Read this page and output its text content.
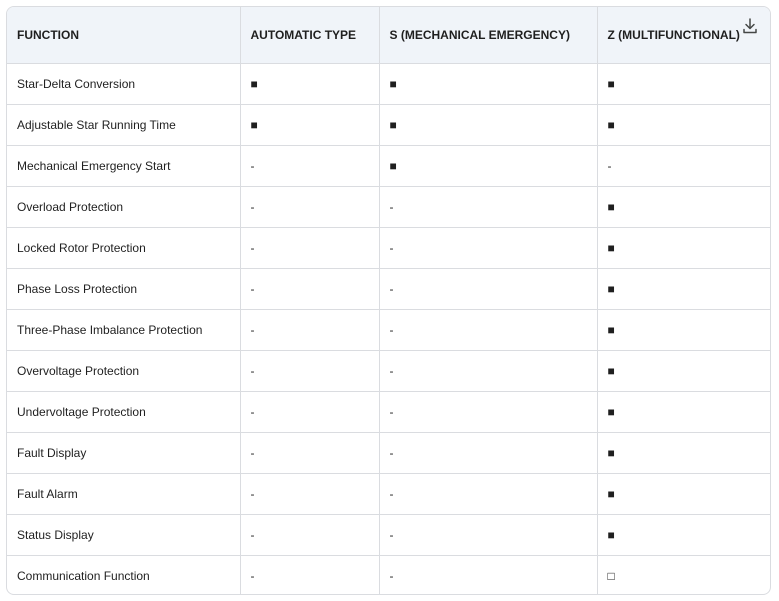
FUNCTION	AUTOMATIC TYPE	S (MECHANICAL EMERGENCY)	Z (MULTIFUNCTIONAL)
Star-Delta Conversion	■	■	■
Adjustable Star Running Time	■	■	■
Mechanical Emergency Start	-	■	-
Overload Protection	-	-	■
Locked Rotor Protection	-	-	■
Phase Loss Protection	-	-	■
Three-Phase Imbalance Protection	-	-	■
Overvoltage Protection	-	-	■
Undervoltage Protection	-	-	■
Fault Display	-	-	■
Fault Alarm	-	-	■
Status Display	-	-	■
Communication Function	-	-	□
